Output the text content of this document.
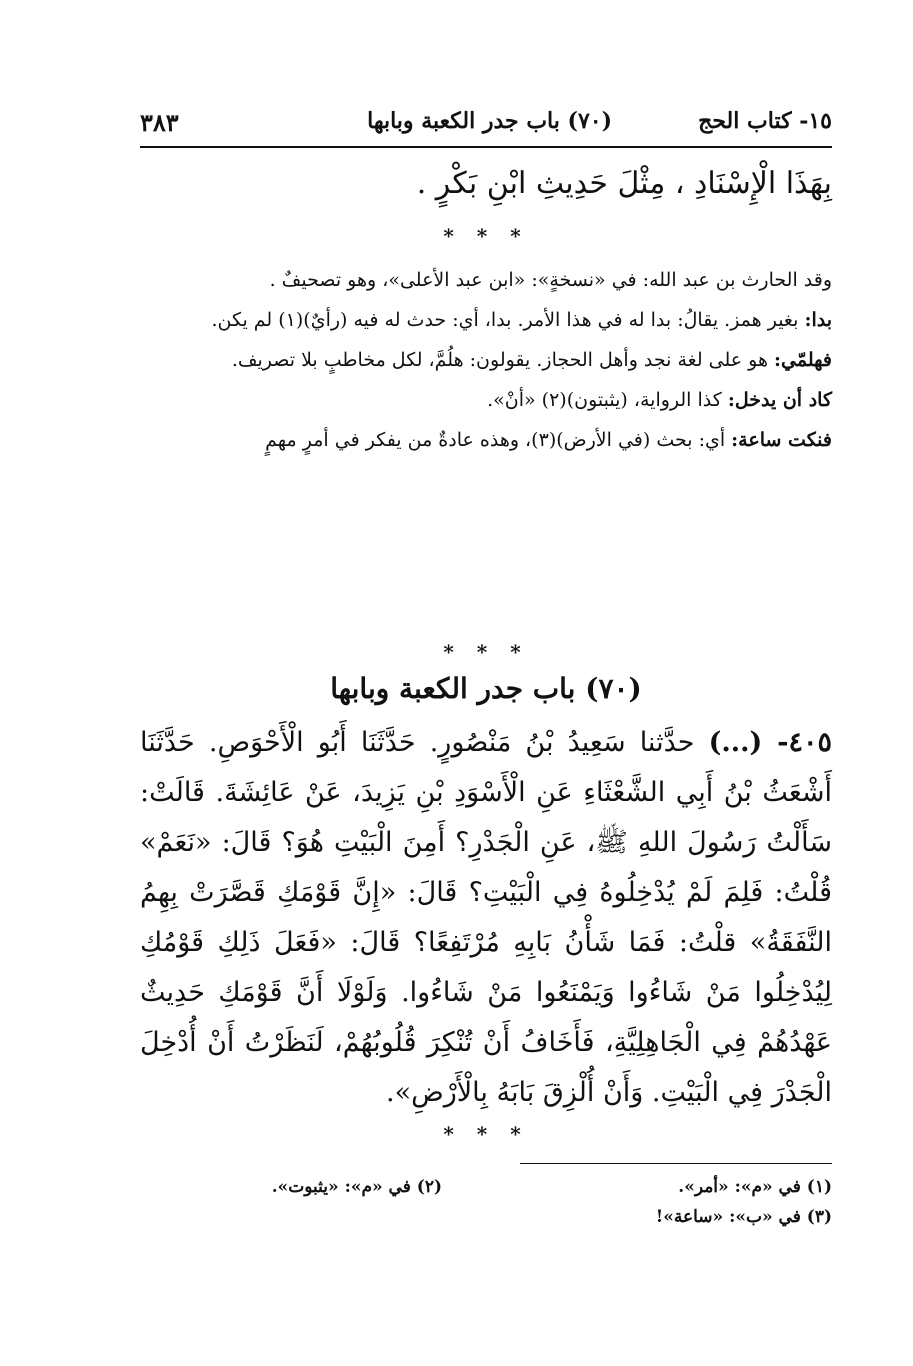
١٥- كتاب الحج
(٧٠) باب جدر الكعبة وبابها
٣٨٣
بِهَذَا الْإِسْنَادِ ، مِثْلَ حَدِيثِ ابْنِ بَكْرٍ .
* * *

وقد الحارث بن عبد الله: في «نسخةٍ»: «ابن عبد الأعلى»، وهو تصحيفٌ .

بدا: بغير همز. يقالُ: بدا له في هذا الأمر. بدا، أي: حدث له فيه (رأيٌ)(١) لم يكن.

فهلمّي: هو على لغة نجد وأهل الحجاز. يقولون: هلُمَّ، لكل مخاطبٍ بلا تصريف.

كاد أن يدخل: كذا الرواية، (يثبتون)(٢) «أنْ».

فنكت ساعة: أي: بحث (في الأرض)(٣)، وهذه عادةٌ من يفكر في أمرٍ مهمٍ

* * *
(٧٠) باب جدر الكعبة وبابها
٤٠٥- (...) حدَّثنا سَعِيدُ بْنُ مَنْصُورٍ. حَدَّثَنَا أَبُو الْأَحْوَصِ. حَدَّثَنَا أَشْعَثُ بْنُ أَبِي الشَّعْثَاءِ عَنِ الْأَسْوَدِ بْنِ يَزِيدَ، عَنْ عَائِشَةَ. قَالَتْ: سَأَلْتُ رَسُولَ اللهِ ﷺ، عَنِ الْجَدْرِ؟ أَمِنَ الْبَيْتِ هُوَ؟ قَالَ: «نَعَمْ» قُلْتُ: فَلِمَ لَمْ يُدْخِلُوهُ فِي الْبَيْتِ؟ قَالَ: «إِنَّ قَوْمَكِ قَصَّرَتْ بِهِمُ النَّفَقَةُ» قلْتُ: فَمَا شَأْنُ بَابِهِ مُرْتَفِعًا؟ قَالَ: «فَعَلَ ذَلِكِ قَوْمُكِ لِيُدْخِلُوا مَنْ شَاءُوا وَيَمْنَعُوا مَنْ شَاءُوا. وَلَوْلَا أَنَّ قَوْمَكِ حَدِيثٌ عَهْدُهُمْ فِي الْجَاهِلِيَّةِ، فَأَخَافُ أَنْ تُنْكِرَ قُلُوبُهُمْ، لَنَظَرْتُ أَنْ أُدْخِلَ الْجَدْرَ فِي الْبَيْتِ. وَأَنْ أُلْزِقَ بَابَهُ بِالْأَرْضِ».
* * *
(١) في «م»: «أمر».
(٢) في «م»: «يثبوت».
(٣) في «ب»: «ساعة»!
